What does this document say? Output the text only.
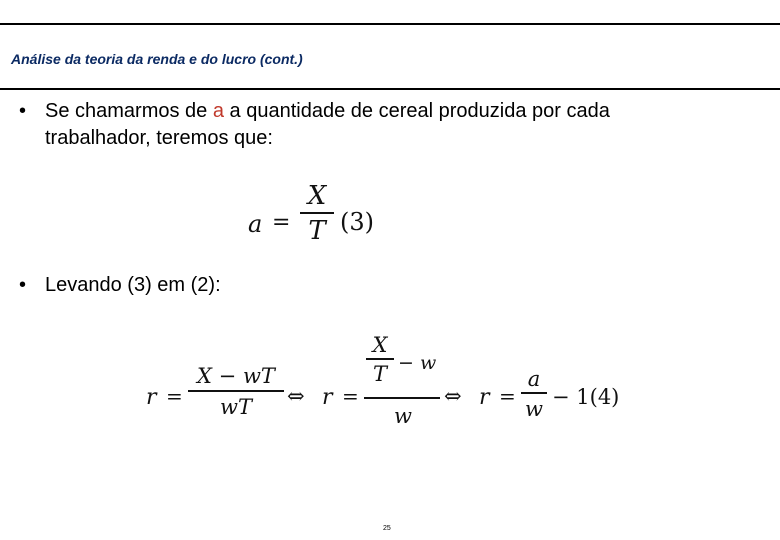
Análise da teoria da renda e do lucro (cont.)
• Se chamarmos de a a quantidade de cereal produzida por cada
trabalhador, teremos que:
a =
X
T (3)
• Levando (3) em (2):
r =
X − wT
wT	⇔ r =
X
T − w
w
⇔ r =
a
w − 1(4)
25
